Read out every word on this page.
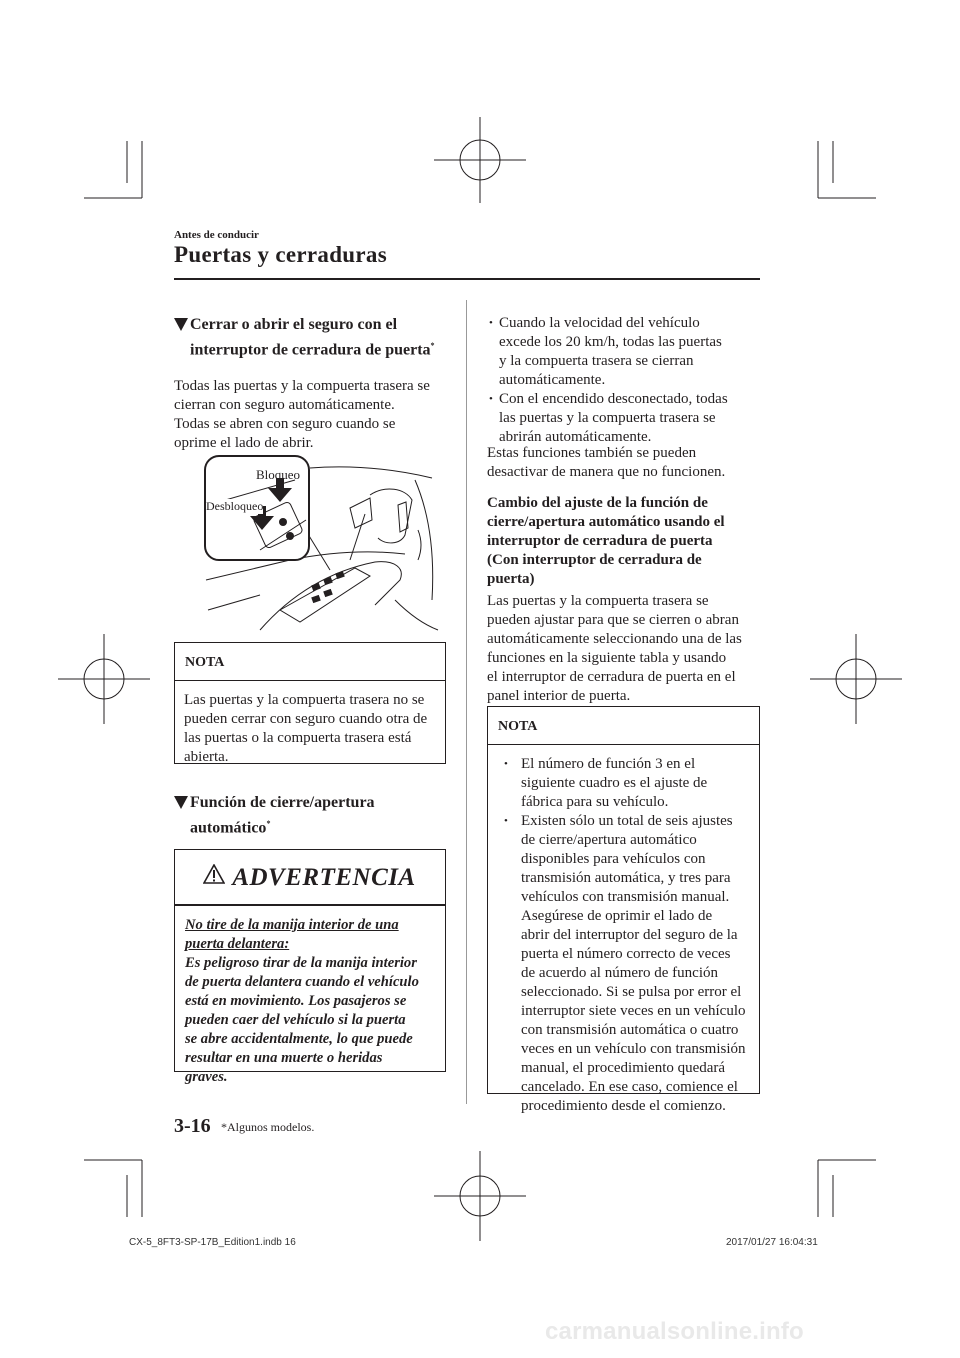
Antes de conducir
Puertas y cerraduras
Cerrar o abrir el seguro con el interruptor de cerradura de puerta*
Todas las puertas y la compuerta trasera se
cierran con seguro automáticamente.
Todas se abren con seguro cuando se
oprime el lado de abrir.
Bloqueo
Desbloqueo
NOTA
Las puertas y la compuerta trasera no se
pueden cerrar con seguro cuando otra de
las puertas o la compuerta trasera está
abierta.
Función de cierre/apertura automático*
ADVERTENCIA
No tire de la manija interior de una
puerta delantera:
Es peligroso tirar de la manija interior
de puerta delantera cuando el vehículo
está en movimiento. Los pasajeros se
pueden caer del vehículo si la puerta
se abre accidentalmente, lo que puede
resultar en una muerte o heridas
graves.
• Cuando la velocidad del vehículo
excede los 20 km/h, todas las puertas
y la compuerta trasera se cierran
automáticamente.
• Con el encendido desconectado, todas
las puertas y la compuerta trasera se
abrirán automáticamente.
Estas funciones también se pueden
desactivar de manera que no funcionen.
Cambio del ajuste de la función de
cierre/apertura automático usando el
interruptor de cerradura de puerta
(Con interruptor de cerradura de
puerta)
Las puertas y la compuerta trasera se
pueden ajustar para que se cierren o abran
automáticamente seleccionando una de las
funciones en la siguiente tabla y usando
el interruptor de cerradura de puerta en el
panel interior de puerta.
NOTA
• El número de función 3 en el
siguiente cuadro es el ajuste de
fábrica para su vehículo.
• Existen sólo un total de seis ajustes
de cierre/apertura automático
disponibles para vehículos con
transmisión automática, y tres para
vehículos con transmisión manual.
Asegúrese de oprimir el lado de
abrir del interruptor del seguro de la
puerta el número correcto de veces
de acuerdo al número de función
seleccionado. Si se pulsa por error el
interruptor siete veces en un vehículo
con transmisión automática o cuatro
veces en un vehículo con transmisión
manual, el procedimiento quedará
cancelado. En ese caso, comience el
procedimiento desde el comienzo.
3-16 *Algunos modelos.
CX-5_8FT3-SP-17B_Edition1.indb 16	2017/01/27 16:04:31
carmanualsonline.info
